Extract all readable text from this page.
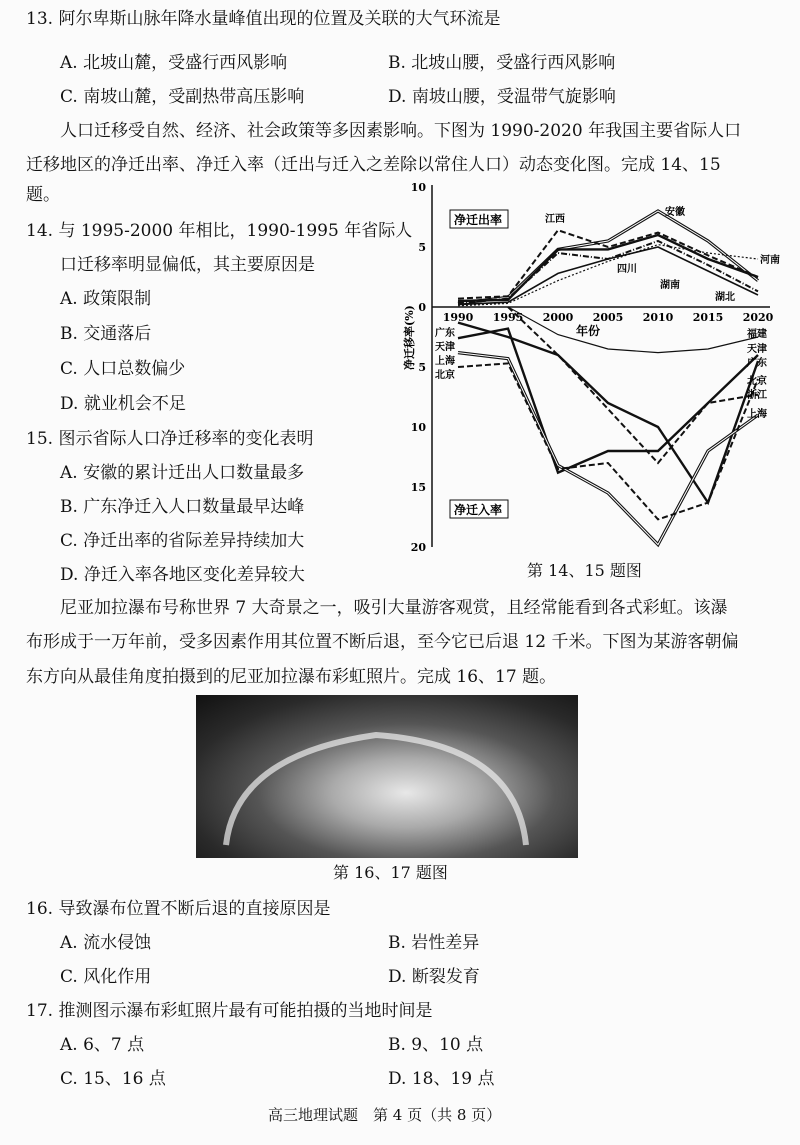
13. 阿尔卑斯山脉年降水量峰值出现的位置及关联的大气环流是
A. 北坡山麓，受盛行西风影响	B. 北坡山腰，受盛行西风影响
C. 南坡山麓，受副热带高压影响	D. 南坡山腰，受温带气旋影响
人口迁移受自然、经济、社会政策等多因素影响。下图为 1990-2020 年我国主要省际人口
迁移地区的净迁出率、净迁入率（迁出与迁入之差除以常住人口）动态变化图。完成 14、15
题。
14. 与 1995-2000 年相比，1990-1995 年省际人
口迁移率明显偏低，其主要原因是
A. 政策限制
B. 交通落后
C. 人口总数偏少
D. 就业机会不足
15. 图示省际人口净迁移率的变化表明
A. 安徽的累计迁出人口数量最多
B. 广东净迁入人口数量最早达峰
C. 净迁出率的省际差异持续加大
D. 净迁入率各地区变化差异较大
10
5
0
5
10
15
20
1990 1995 2000 2005 2010 2015 2020
年份
净迁移率(%)
净迁出率
净迁入率
安徽
江西
河南
四川
湖南
湖北
福建
广东
天津
上海
北京
浙江
广东
天津
上海
北京
第 14、15 题图
尼亚加拉瀑布号称世界 7 大奇景之一，吸引大量游客观赏，且经常能看到各式彩虹。该瀑
布形成于一万年前，受多因素作用其位置不断后退，至今它已后退 12 千米。下图为某游客朝偏
东方向从最佳角度拍摄到的尼亚加拉瀑布彩虹照片。完成 16、17 题。
第 16、17 题图
16. 导致瀑布位置不断后退的直接原因是
A. 流水侵蚀	B. 岩性差异
C. 风化作用	D. 断裂发育
17. 推测图示瀑布彩虹照片最有可能拍摄的当地时间是
A. 6、7 点	B. 9、10 点
C. 15、16 点	D. 18、19 点
高三地理试题　第 4 页（共 8 页）
